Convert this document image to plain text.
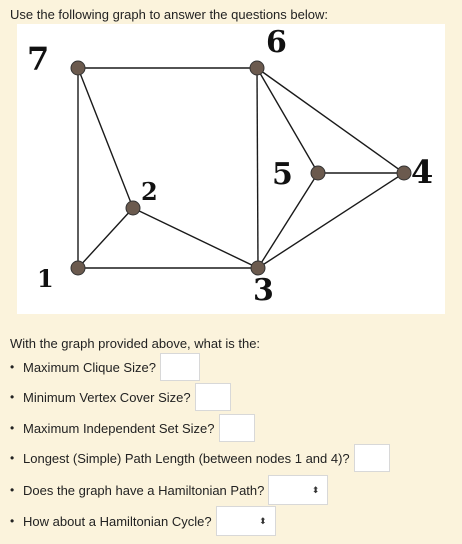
Use the following graph to answer the questions below:
7	6
5	4
2
1	3
With the graph provided above, what is the:
• Maximum Clique Size?
• Minimum Vertex Cover Size?
• Maximum Independent Set Size?
• Longest (Simple) Path Length (between nodes 1 and 4)?
• Does the graph have a Hamiltonian Path?	⬍
• How about a Hamiltonian Cycle?	⬍
